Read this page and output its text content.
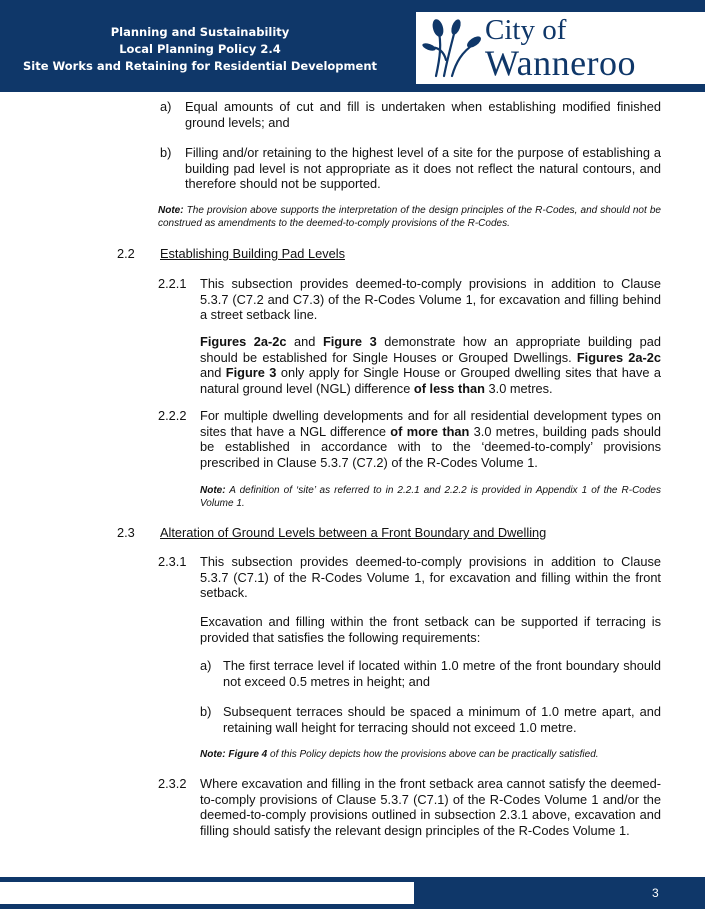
Planning and Sustainability
Local Planning Policy 2.4
Site Works and Retaining for Residential Development
City of
Wanneroo
a) Equal amounts of cut and fill is undertaken when establishing modified finished ground levels; and
b) Filling and/or retaining to the highest level of a site for the purpose of establishing a building pad level is not appropriate as it does not reflect the natural contours, and therefore should not be supported.
Note: The provision above supports the interpretation of the design principles of the R-Codes, and should not be construed as amendments to the deemed-to-comply provisions of the R-Codes.
2.2 Establishing Building Pad Levels
2.2.1 This subsection provides deemed-to-comply provisions in addition to Clause 5.3.7 (C7.2 and C7.3) of the R-Codes Volume 1, for excavation and filling behind a street setback line.
Figures 2a-2c and Figure 3 demonstrate how an appropriate building pad should be established for Single Houses or Grouped Dwellings. Figures 2a-2c and Figure 3 only apply for Single House or Grouped dwelling sites that have a natural ground level (NGL) difference of less than 3.0 metres.
2.2.2 For multiple dwelling developments and for all residential development types on sites that have a NGL difference of more than 3.0 metres, building pads should be established in accordance with to the ‘deemed-to-comply’ provisions prescribed in Clause 5.3.7 (C7.2) of the R-Codes Volume 1.
Note: A definition of ‘site’ as referred to in 2.2.1 and 2.2.2 is provided in Appendix 1 of the R-Codes Volume 1.
2.3 Alteration of Ground Levels between a Front Boundary and Dwelling
2.3.1 This subsection provides deemed-to-comply provisions in addition to Clause 5.3.7 (C7.1) of the R-Codes Volume 1, for excavation and filling within the front setback.
Excavation and filling within the front setback can be supported if terracing is provided that satisfies the following requirements:
a) The first terrace level if located within 1.0 metre of the front boundary should not exceed 0.5 metres in height; and
b) Subsequent terraces should be spaced a minimum of 1.0 metre apart, and retaining wall height for terracing should not exceed 1.0 metre.
Note: Figure 4 of this Policy depicts how the provisions above can be practically satisfied.
2.3.2 Where excavation and filling in the front setback area cannot satisfy the deemed-to-comply provisions of Clause 5.3.7 (C7.1) of the R-Codes Volume 1 and/or the deemed-to-comply provisions outlined in subsection 2.3.1 above, excavation and filling should satisfy the relevant design principles of the R-Codes Volume 1.
3
